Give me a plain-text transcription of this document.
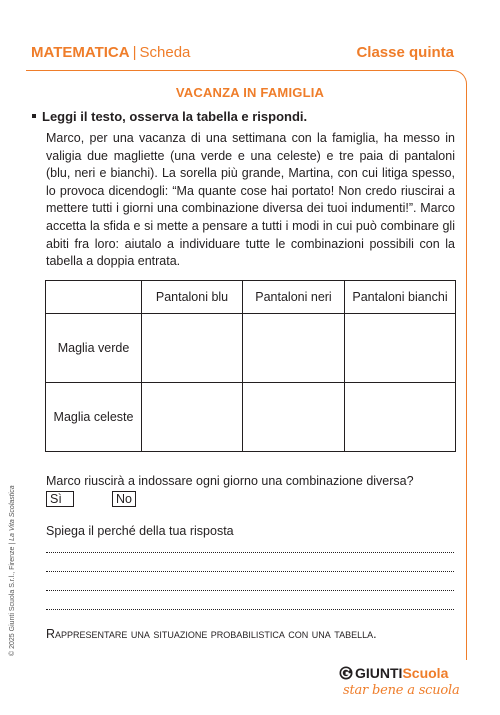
MATEMATICA | Scheda	Classe quinta
VACANZA IN FAMIGLIA
Leggi il testo, osserva la tabella e rispondi.

Marco, per una vacanza di una settimana con la famiglia, ha messo in valigia due magliette (una verde e una celeste) e tre paia di pantaloni (blu, neri e bianchi). La sorella più grande, Martina, con cui litiga spesso, lo provoca dicendogli: “Ma quante cose hai portato! Non credo riuscirai a mettere tutti i giorni una combinazione diversa dei tuoi indumenti!”. Marco accetta la sfida e si mette a pensare a tutti i modi in cui può combinare gli abiti fra loro: aiutalo a individuare tutte le combinazioni possibili con la tabella a doppia entrata.

	Pantaloni blu	Pantaloni neri	Pantaloni bianchi
Maglia verde			
Maglia celeste			
Marco riuscirà a indossare ogni giorno una combinazione diversa?
Sì	No
Spiega il perché della tua risposta
Rappresentare una situazione probabilistica con una tabella.
© 2025 Giunti Scuola S.r.l., Firenze | La Vita Scolastica
GIUNTIScuola
star bene a scuola
